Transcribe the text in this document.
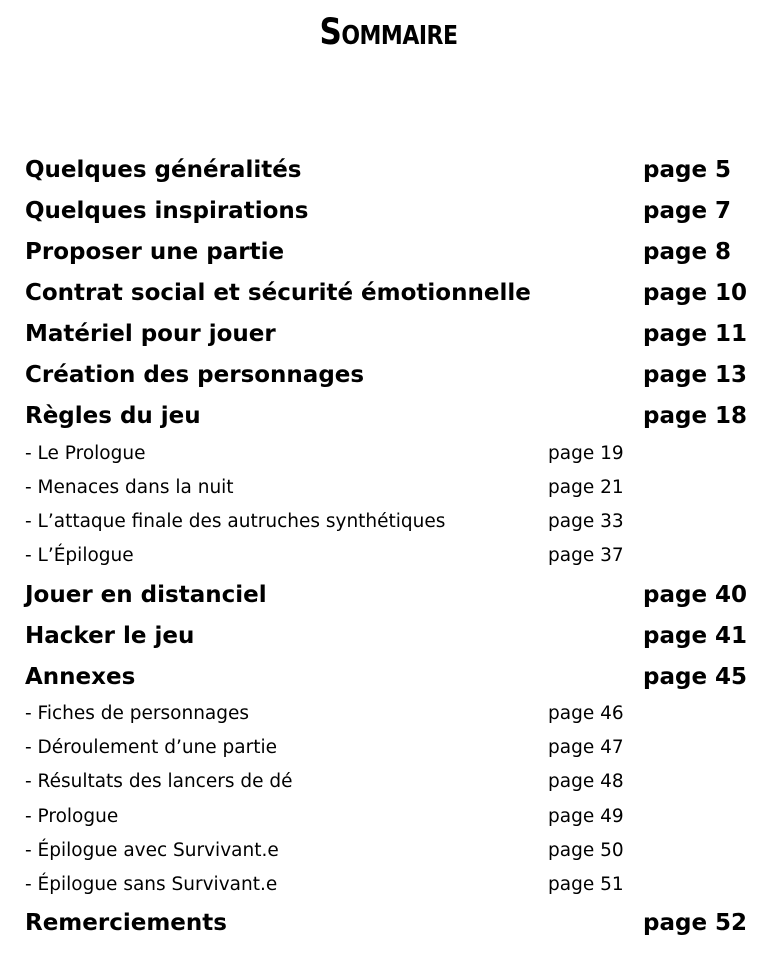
Sommaire
Quelques généralités	page 5
Quelques inspirations	page 7
Proposer une partie	page 8
Contrat social et sécurité émotionnelle	page 10
Matériel pour jouer	page 11
Création des personnages	page 13
Règles du jeu	page 18
- Le Prologue	page 19
- Menaces dans la nuit	page 21
- L’attaque finale des autruches synthétiques	page 33
- L’Épilogue	page 37
Jouer en distanciel	page 40
Hacker le jeu	page 41
Annexes	page 45
- Fiches de personnages	page 46
- Déroulement d’une partie	page 47
- Résultats des lancers de dé	page 48
- Prologue	page 49
- Épilogue avec Survivant.e	page 50
- Épilogue sans Survivant.e	page 51
Remerciements	page 52
